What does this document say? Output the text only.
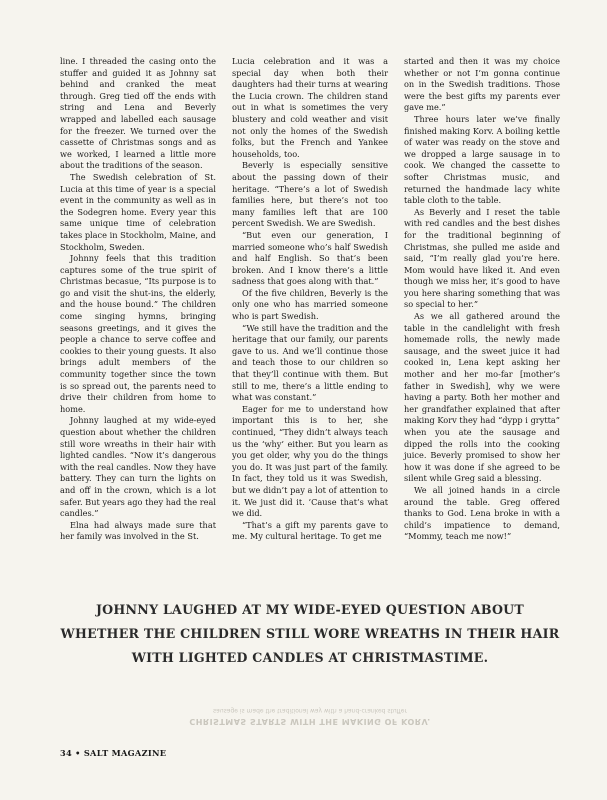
line. I threaded the casing onto the stuffer and guided it as Johnny sat behind and cranked the meat through. Greg tied off the ends with string and Lena and Beverly wrapped and labelled each sausage for the freezer. We turned over the cassette of Christmas songs and as we worked, I learned a little more about the traditions of the season.

The Swedish celebration of St. Lucia at this time of year is a special event in the community as well as in the Sodegren home. Every year this same unique time of celebration takes place in Stockholm, Maine, and Stockholm, Sweden.

Johnny feels that this tradition captures some of the true spirit of Christmas becasue, “Its purpose is to go and visit the shut-ins, the elderly, and the house bound.” The children come singing hymns, bringing seasons greetings, and it gives the people a chance to serve coffee and cookies to their young guests. It also brings adult members of the community together since the town is so spread out, the parents need to drive their children from home to home.

Johnny laughed at my wide-eyed question about whether the children still wore wreaths in their hair with lighted candles. “Now it’s dangerous with the real candles. Now they have battery. They can turn the lights on and off in the crown, which is a lot safer. But years ago they had the real candles.”

Elna had always made sure that her family was involved in the St.

Lucia celebration and it was a special day when both their daughters had their turns at wearing the Lucia crown. The children stand out in what is sometimes the very blustery and cold weather and visit not only the homes of the Swedish folks, but the French and Yankee households, too.

Beverly is especially sensitive about the passing down of their heritage. “There’s a lot of Swedish families here, but there’s not too many families left that are 100 percent Swedish. We are Swedish.

“But even our generation, I married someone who’s half Swedish and half English. So that’s been broken. And I know there’s a little sadness that goes along with that.”

Of the five children, Beverly is the only one who has married someone who is part Swedish.

“We still have the tradition and the heritage that our family, our parents gave to us. And we’ll continue those and teach those to our children so that they’ll continue with them. But still to me, there’s a little ending to what was constant.”

Eager for me to understand how important this is to her, she continued, “They didn’t always teach us the ‘why’ either. But you learn as you get older, why you do the things you do. It was just part of the family. In fact, they told us it was Swedish, but we didn’t pay a lot of attention to it. We just did it. ’Cause that’s what we did.

“That’s a gift my parents gave to me. My cultural heritage. To get me

started and then it was my choice whether or not I’m gonna continue on in the Swedish traditions. Those were the best gifts my parents ever gave me.”

Three hours later we’ve finally finished making Korv. A boiling kettle of water was ready on the stove and we dropped a large sausage in to cook. We changed the cassette to softer Christmas music, and returned the handmade lacy white table cloth to the table.

As Beverly and I reset the table with red candles and the best dishes for the traditional beginning of Christmas, she pulled me aside and said, “I’m really glad you’re here. Mom would have liked it. And even though we miss her, it’s good to have you here sharing something that was so special to her.”

As we all gathered around the table in the candlelight with fresh homemade rolls, the newly made sausage, and the sweet juice it had cooked in, Lena kept asking her mother and her mo-far [mother’s father in Swedish], why we were having a party. Both her mother and her grandfather explained that after making Korv they had “dypp i grytta” when you ate the sausage and dipped the rolls into the cooking juice. Beverly promised to show her how it was done if she agreed to be silent while Greg said a blessing.

We all joined hands in a circle around the table. Greg offered thanks to God. Lena broke in with a child’s impatience to demand, “Mommy, teach me now!”

JOHNNY LAUGHED AT MY WIDE-EYED QUESTION ABOUT WHETHER THE CHILDREN STILL WORE WREATHS IN THEIR HAIR WITH LIGHTED CANDLES AT CHRISTMASTIME.
CHRISTMAS STARTS WITH THE MAKING OF KORV.
sausage is made the traditional way with a hand-cranked stuffer
34 • SALT MAGAZINE
